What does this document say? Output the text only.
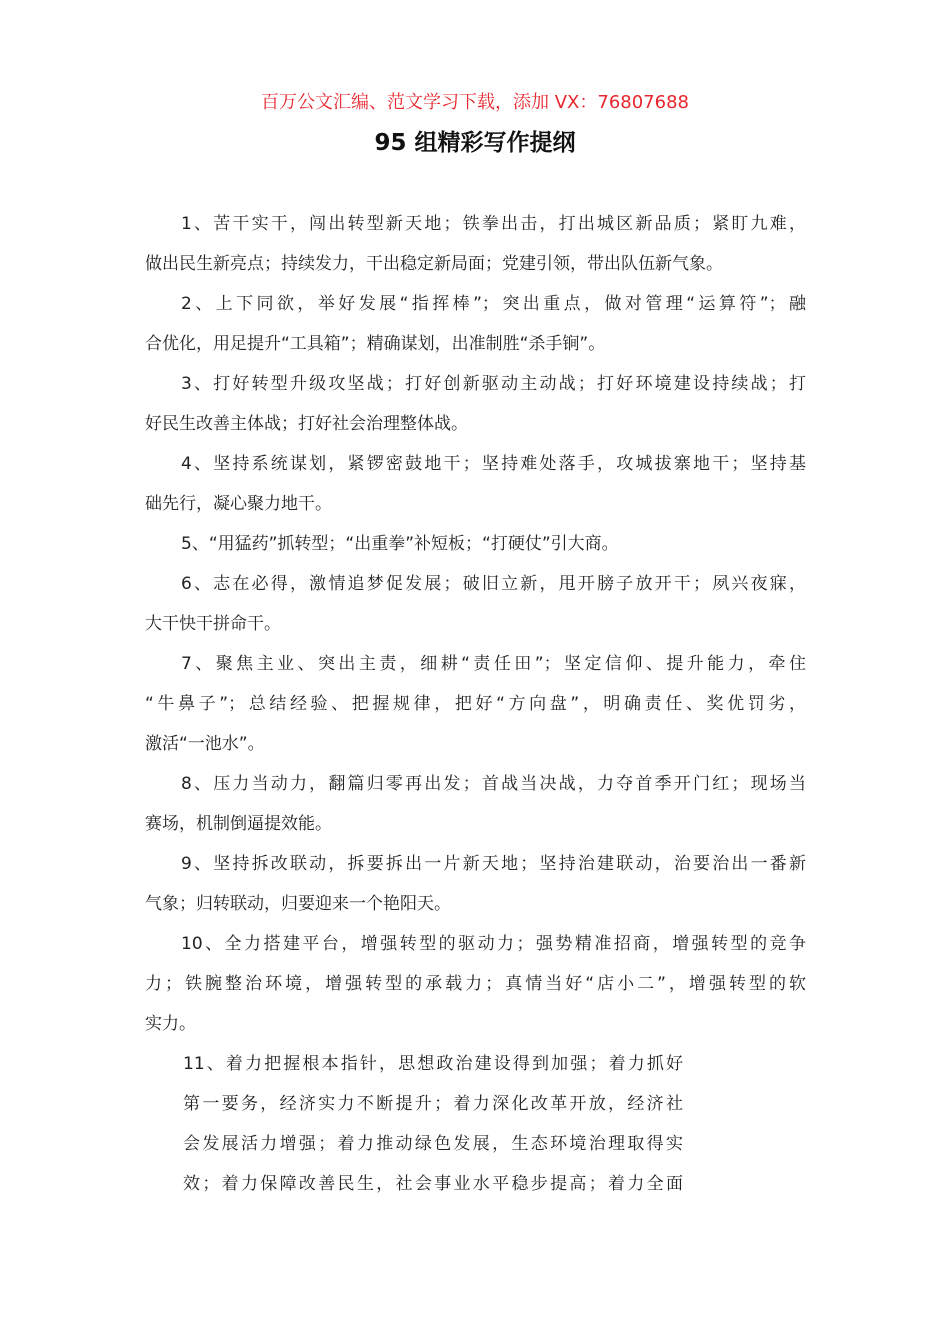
百万公文汇编、范文学习下载，添加 VX：76807688
95 组精彩写作提纲
1、苦干实干，闯出转型新天地；铁拳出击，打出城区新品质；紧盯九难，
做出民生新亮点；持续发力，干出稳定新局面；党建引领，带出队伍新气象。
2、上下同欲，举好发展“指挥棒”；突出重点，做对管理“运算符”；融
合优化，用足提升“工具箱”；精确谋划，出准制胜“杀手锏”。
3、打好转型升级攻坚战；打好创新驱动主动战；打好环境建设持续战；打
好民生改善主体战；打好社会治理整体战。
4、坚持系统谋划，紧锣密鼓地干；坚持难处落手，攻城拔寨地干；坚持基
础先行，凝心聚力地干。
5、“用猛药”抓转型；“出重拳”补短板；“打硬仗”引大商。
6、志在必得，激情追梦促发展；破旧立新，甩开膀子放开干；夙兴夜寐，
大干快干拼命干。
7、聚焦主业、突出主责，细耕“责任田”；坚定信仰、提升能力，牵住
“牛鼻子”；总结经验、把握规律，把好“方向盘”，明确责任、奖优罚劣，
激活“一池水”。
8、压力当动力，翻篇归零再出发；首战当决战，力夺首季开门红；现场当
赛场，机制倒逼提效能。
9、坚持拆改联动，拆要拆出一片新天地；坚持治建联动，治要治出一番新
气象；归转联动，归要迎来一个艳阳天。
10、全力搭建平台，增强转型的驱动力；强势精准招商，增强转型的竞争
力；铁腕整治环境，增强转型的承载力；真情当好“店小二”，增强转型的软
实力。
11、着力把握根本指针，思想政治建设得到加强；着力抓好
第一要务，经济实力不断提升；着力深化改革开放，经济社
会发展活力增强；着力推动绿色发展，生态环境治理取得实
效；着力保障改善民生，社会事业水平稳步提高；着力全面
